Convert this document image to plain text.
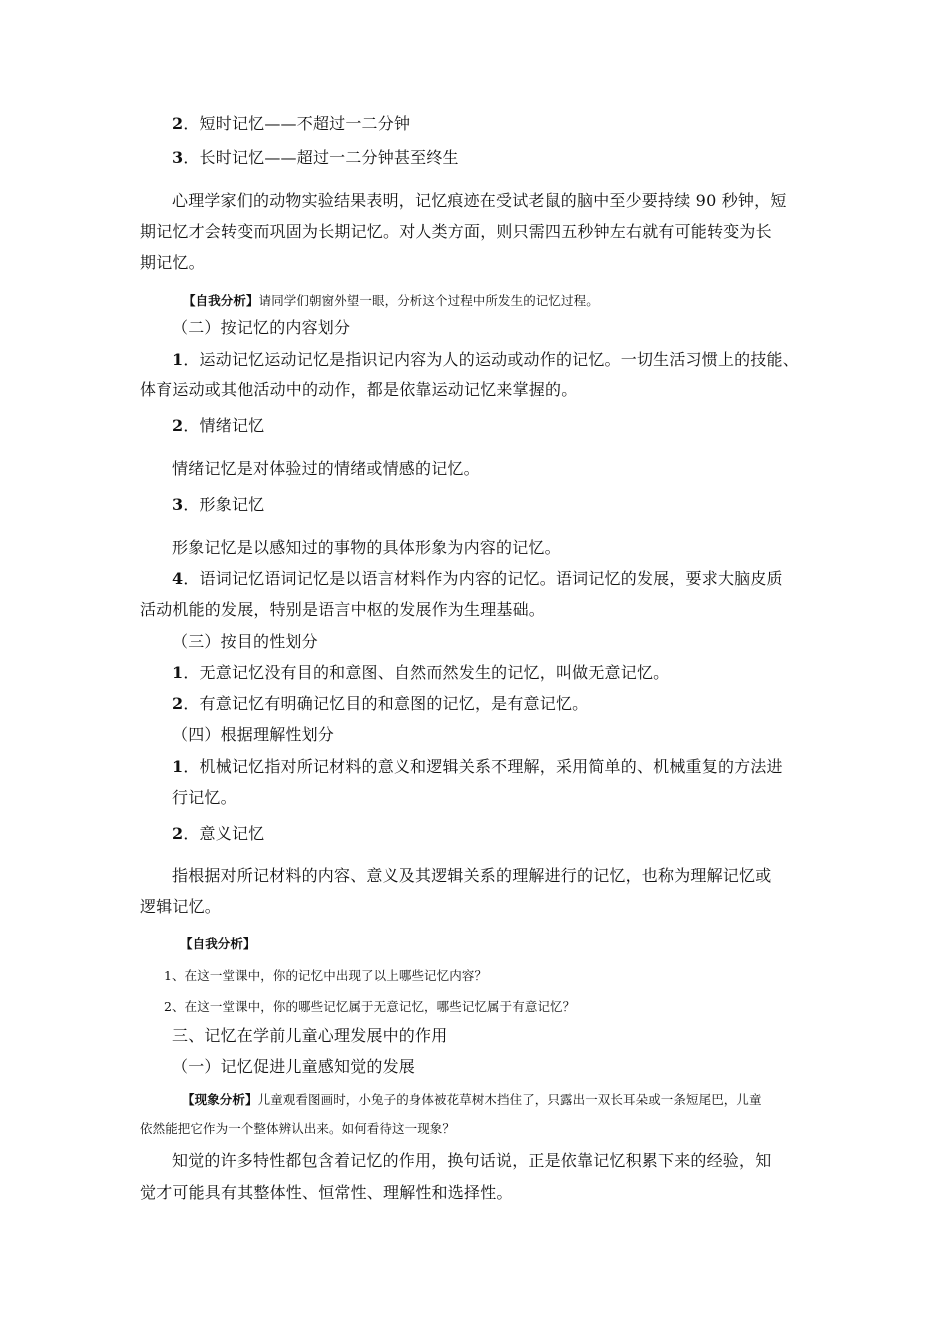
2．短时记忆——不超过一二分钟
3．长时记忆——超过一二分钟甚至终生
心理学家们的动物实验结果表明，记忆痕迹在受试老鼠的脑中至少要持续 90 秒钟，短
期记忆才会转变而巩固为长期记忆。对人类方面，则只需四五秒钟左右就有可能转变为长
期记忆。
【自我分析】请同学们朝窗外望一眼，分析这个过程中所发生的记忆过程。
（二）按记忆的内容划分
1．运动记忆运动记忆是指识记内容为人的运动或动作的记忆。一切生活习惯上的技能、
体育运动或其他活动中的动作，都是依靠运动记忆来掌握的。
2．情绪记忆
情绪记忆是对体验过的情绪或情感的记忆。
3．形象记忆
形象记忆是以感知过的事物的具体形象为内容的记忆。
4．语词记忆语词记忆是以语言材料作为内容的记忆。语词记忆的发展，要求大脑皮质
活动机能的发展，特别是语言中枢的发展作为生理基础。
（三）按目的性划分
1．无意记忆没有目的和意图、自然而然发生的记忆，叫做无意记忆。
2．有意记忆有明确记忆目的和意图的记忆，是有意记忆。
（四）根据理解性划分
1．机械记忆指对所记材料的意义和逻辑关系不理解，采用简单的、机械重复的方法进
行记忆。
2．意义记忆
指根据对所记材料的内容、意义及其逻辑关系的理解进行的记忆，也称为理解记忆或
逻辑记忆。
【自我分析】
1、在这一堂课中，你的记忆中出现了以上哪些记忆内容？
2、在这一堂课中，你的哪些记忆属于无意记忆，哪些记忆属于有意记忆？
三、记忆在学前儿童心理发展中的作用
（一）记忆促进儿童感知觉的发展
【现象分析】儿童观看图画时，小兔子的身体被花草树木挡住了，只露出一双长耳朵或一条短尾巴，儿童
依然能把它作为一个整体辨认出来。如何看待这一现象？
知觉的许多特性都包含着记忆的作用，换句话说，正是依靠记忆积累下来的经验，知
觉才可能具有其整体性、恒常性、理解性和选择性。
